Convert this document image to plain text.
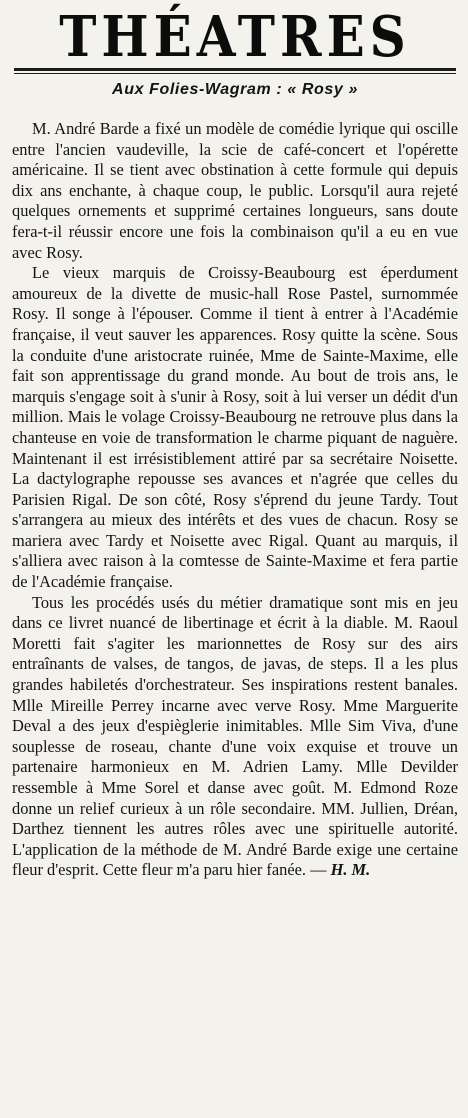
THÉATRES
Aux Folies-Wagram : « Rosy »

M. André Barde a fixé un modèle de comédie lyrique qui oscille entre l'ancien vaudeville, la scie de café-concert et l'opérette américaine. Il se tient avec obstination à cette formule qui depuis dix ans enchante, à chaque coup, le public. Lorsqu'il aura rejeté quelques ornements et supprimé certaines longueurs, sans doute fera-t-il réussir encore une fois la combinaison qu'il a eu en vue avec Rosy.

Le vieux marquis de Croissy-Beaubourg est éperdument amoureux de la divette de music-hall Rose Pastel, surnommée Rosy. Il songe à l'épouser. Comme il tient à entrer à l'Académie française, il veut sauver les apparences. Rosy quitte la scène. Sous la conduite d'une aristocrate ruinée, Mme de Sainte-Maxime, elle fait son apprentissage du grand monde. Au bout de trois ans, le marquis s'engage soit à s'unir à Rosy, soit à lui verser un dédit d'un million. Mais le volage Croissy-Beaubourg ne retrouve plus dans la chanteuse en voie de transformation le charme piquant de naguère. Maintenant il est irrésistiblement attiré par sa secrétaire Noisette. La dactylographe repousse ses avances et n'agrée que celles du Parisien Rigal. De son côté, Rosy s'éprend du jeune Tardy. Tout s'arrangera au mieux des intérêts et des vues de chacun. Rosy se mariera avec Tardy et Noisette avec Rigal. Quant au marquis, il s'alliera avec raison à la comtesse de Sainte-Maxime et fera partie de l'Académie française.

Tous les procédés usés du métier dramatique sont mis en jeu dans ce livret nuancé de libertinage et écrit à la diable. M. Raoul Moretti fait s'agiter les marionnettes de Rosy sur des airs entraînants de valses, de tangos, de javas, de steps. Il a les plus grandes habiletés d'orchestrateur. Ses inspirations restent banales. Mlle Mireille Perrey incarne avec verve Rosy. Mme Marguerite Deval a des jeux d'espièglerie inimitables. Mlle Sim Viva, d'une souplesse de roseau, chante d'une voix exquise et trouve un partenaire harmonieux en M. Adrien Lamy. Mlle Devilder ressemble à Mme Sorel et danse avec goût. M. Edmond Roze donne un relief curieux à un rôle secondaire. MM. Jullien, Dréan, Darthez tiennent les autres rôles avec une spirituelle autorité. L'application de la méthode de M. André Barde exige une certaine fleur d'esprit. Cette fleur m'a paru hier fanée. — H. M.
